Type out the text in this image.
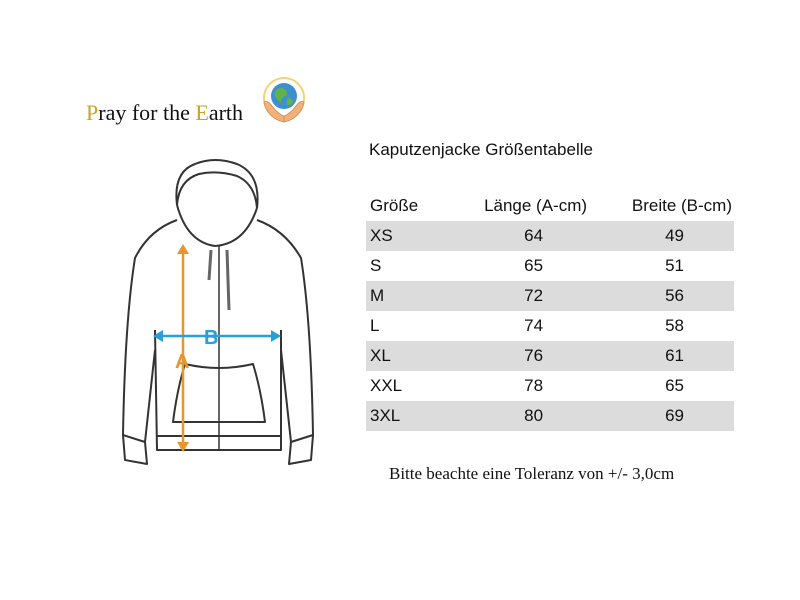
Pray for the Earth
A
B
Kaputzenjacke Größentabelle
Größe	Länge (A-cm)	Breite (B-cm)
XS	64	49
S	65	51
M	72	56
L	74	58
XL	76	61
XXL	78	65
3XL	80	69
Bitte beachte eine Toleranz von +/- 3,0cm
